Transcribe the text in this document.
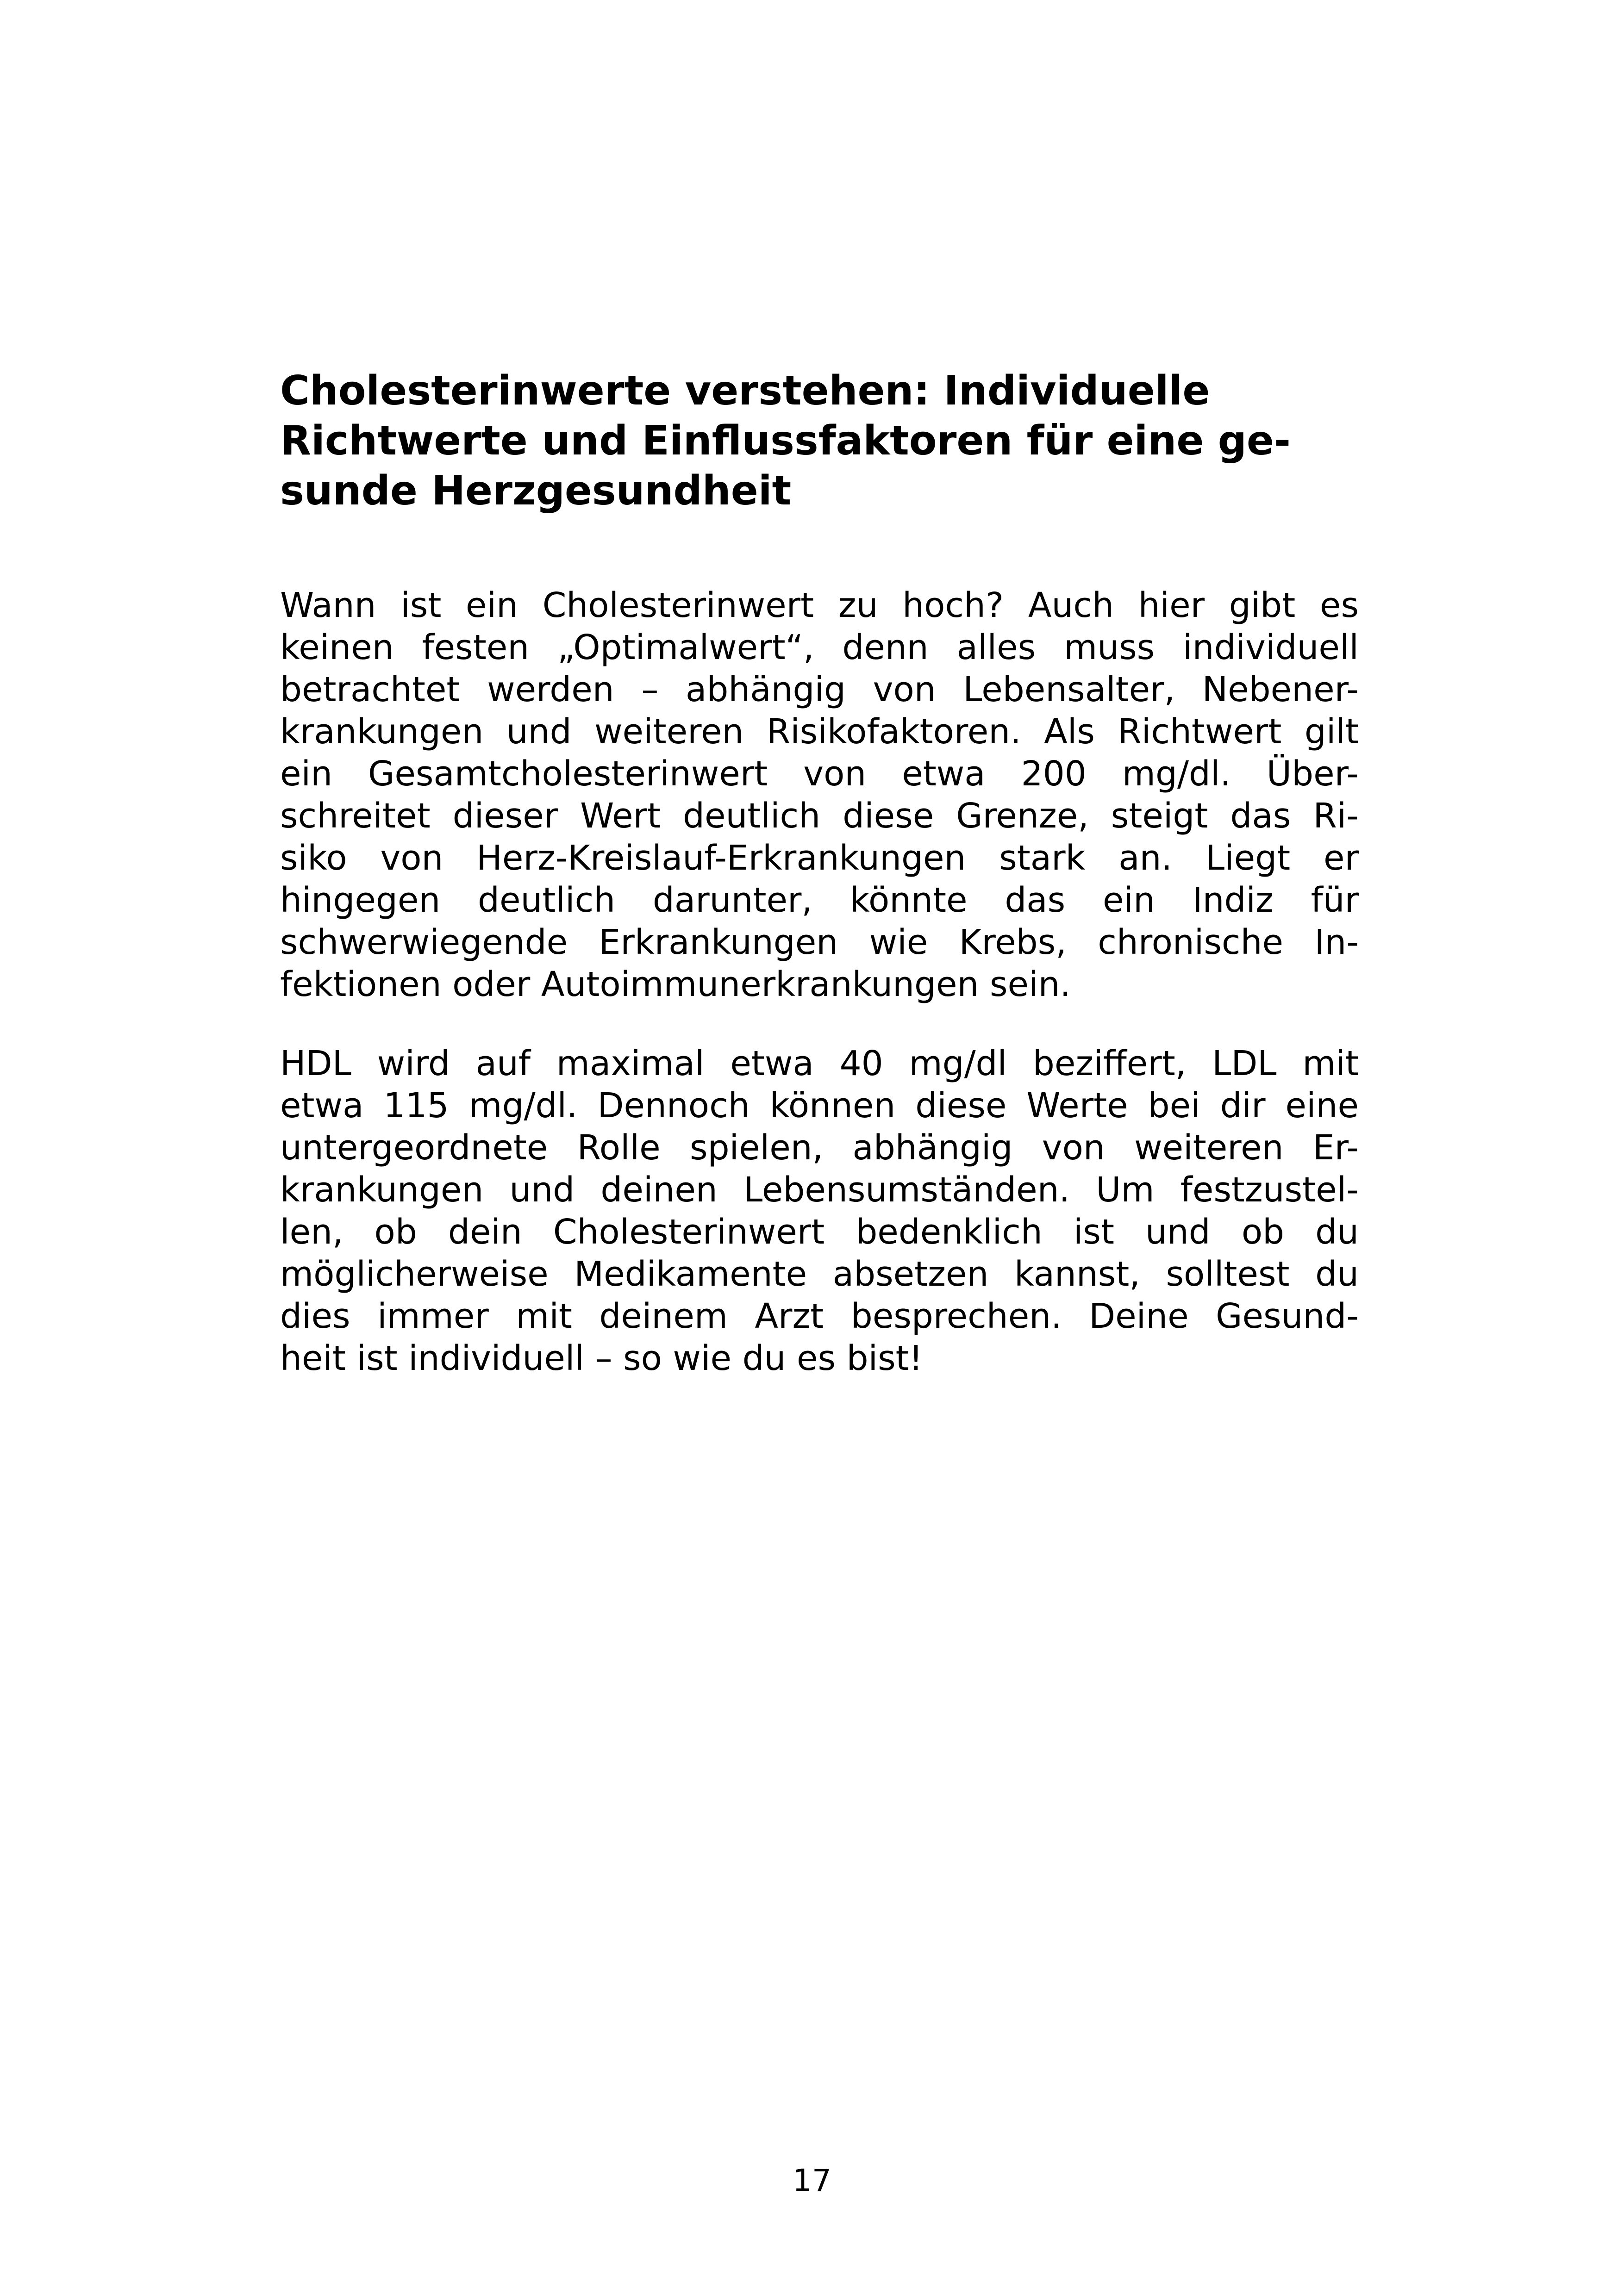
Cholesterinwerte verstehen: Individuelle
Richtwerte und Einflussfaktoren für eine ge-
sunde Herzgesundheit

Wann ist ein Cholesterinwert zu hoch? Auch hier gibt es
keinen festen „Optimalwert“, denn alles muss individuell
betrachtet werden – abhängig von Lebensalter, Nebener-
krankungen und weiteren Risikofaktoren. Als Richtwert gilt
ein Gesamtcholesterinwert von etwa 200 mg/dl. Über-
schreitet dieser Wert deutlich diese Grenze, steigt das Ri-
siko von Herz-Kreislauf-Erkrankungen stark an. Liegt er
hingegen deutlich darunter, könnte das ein Indiz für
schwerwiegende Erkrankungen wie Krebs, chronische In-
fektionen oder Autoimmunerkrankungen sein.

HDL wird auf maximal etwa 40 mg/dl beziffert, LDL mit
etwa 115 mg/dl. Dennoch können diese Werte bei dir eine
untergeordnete Rolle spielen, abhängig von weiteren Er-
krankungen und deinen Lebensumständen. Um festzustel-
len, ob dein Cholesterinwert bedenklich ist und ob du
möglicherweise Medikamente absetzen kannst, solltest du
dies immer mit deinem Arzt besprechen. Deine Gesund-
heit ist individuell – so wie du es bist!

17
